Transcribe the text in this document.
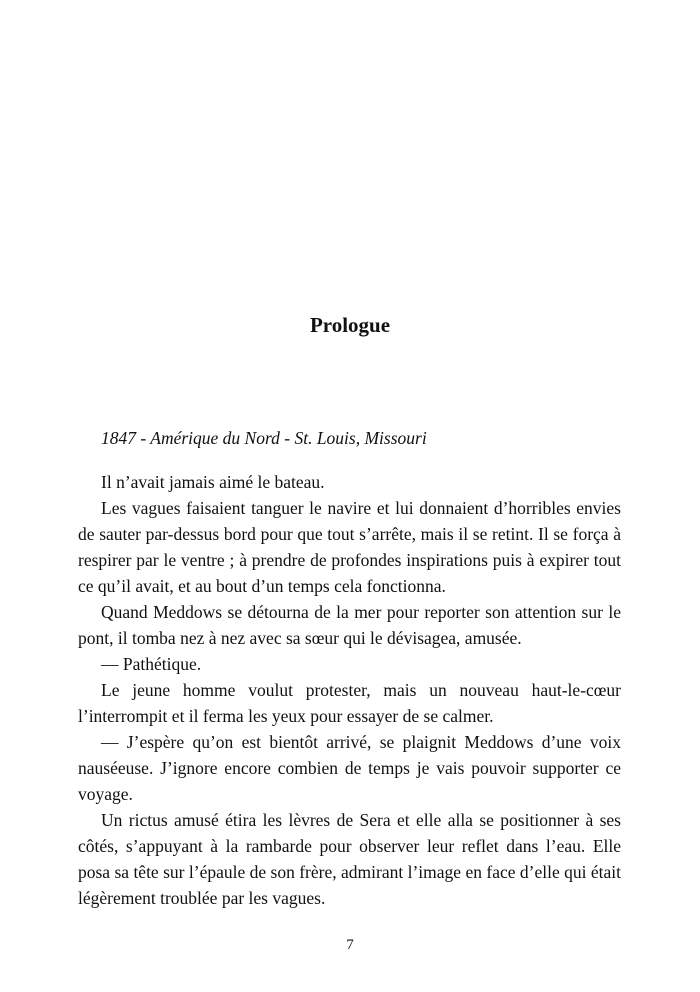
Prologue

1847 - Amérique du Nord - St. Louis, Missouri

Il n’avait jamais aimé le bateau.

Les vagues faisaient tanguer le navire et lui donnaient d’horribles envies de sauter par-dessus bord pour que tout s’arrête, mais il se retint. Il se força à respirer par le ventre ; à prendre de profondes inspirations puis à expirer tout ce qu’il avait, et au bout d’un temps cela fonctionna.

Quand Meddows se détourna de la mer pour reporter son attention sur le pont, il tomba nez à nez avec sa sœur qui le dévisagea, amusée.

— Pathétique.

Le jeune homme voulut protester, mais un nouveau haut-le-cœur l’interrompit et il ferma les yeux pour essayer de se calmer.

— J’espère qu’on est bientôt arrivé, se plaignit Meddows d’une voix nauséeuse. J’ignore encore combien de temps je vais pouvoir supporter ce voyage.

Un rictus amusé étira les lèvres de Sera et elle alla se positionner à ses côtés, s’appuyant à la rambarde pour observer leur reflet dans l’eau. Elle posa sa tête sur l’épaule de son frère, admirant l’image en face d’elle qui était légèrement troublée par les vagues.

7
